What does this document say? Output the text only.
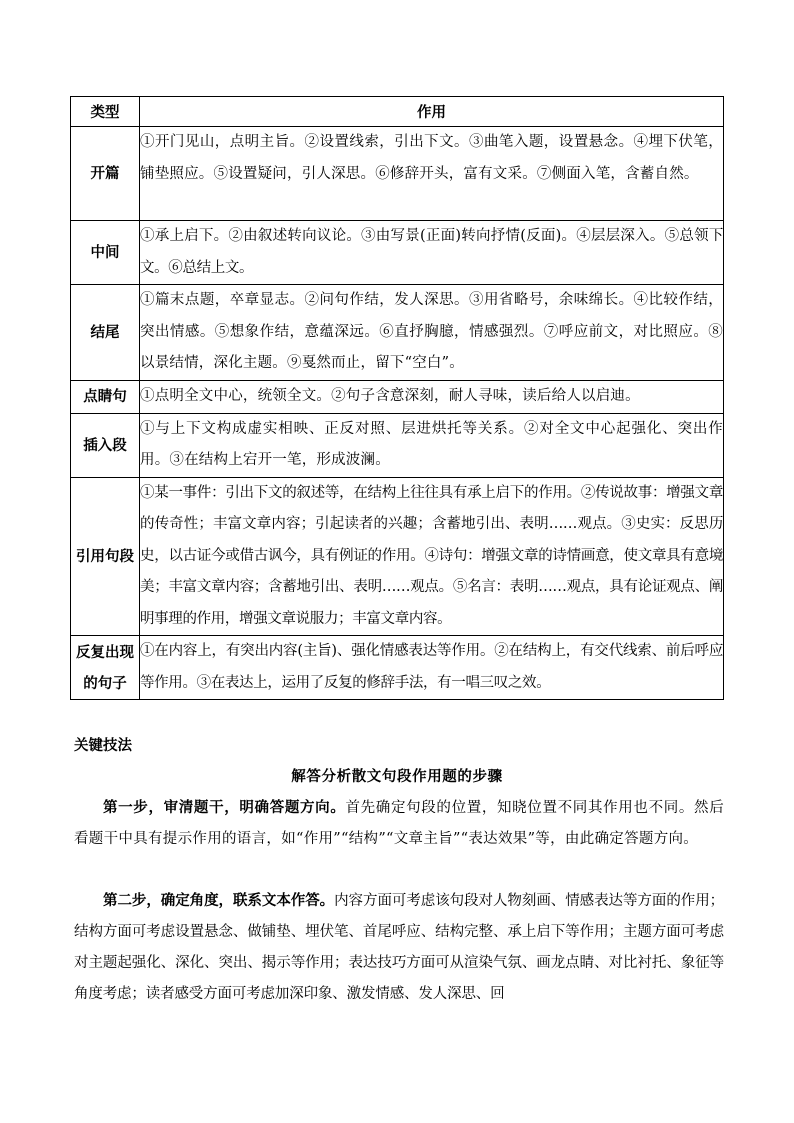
类型	作用
开篇	①开门见山，点明主旨。②设置线索，引出下文。③曲笔入题，设置悬念。④埋下伏笔，铺垫照应。⑤设置疑问，引人深思。⑥修辞开头，富有文采。⑦侧面入笔，含蓄自然。
中间	①承上启下。②由叙述转向议论。③由写景(正面)转向抒情(反面)。④层层深入。⑤总领下文。⑥总结上文。
结尾	①篇末点题，卒章显志。②问句作结，发人深思。③用省略号，余味绵长。④比较作结，突出情感。⑤想象作结，意蕴深远。⑥直抒胸臆，情感强烈。⑦呼应前文，对比照应。⑧以景结情，深化主题。⑨戛然而止，留下“空白”。
点睛句	①点明全文中心，统领全文。②句子含意深刻，耐人寻味，读后给人以启迪。
插入段	①与上下文构成虚实相映、正反对照、层进烘托等关系。②对全文中心起强化、突出作用。③在结构上宕开一笔，形成波澜。
引用句段	①某一事件：引出下文的叙述等，在结构上往往具有承上启下的作用。②传说故事：增强文章的传奇性；丰富文章内容；引起读者的兴趣；含蓄地引出、表明……观点。③史实：反思历史，以古证今或借古讽今，具有例证的作用。④诗句：增强文章的诗情画意，使文章具有意境美；丰富文章内容；含蓄地引出、表明……观点。⑤名言：表明……观点，具有论证观点、阐明事理的作用，增强文章说服力；丰富文章内容。
反复出现的句子	①在内容上，有突出内容(主旨)、强化情感表达等作用。②在结构上，有交代线索、前后呼应等作用。③在表达上，运用了反复的修辞手法，有一唱三叹之效。
关键技法
解答分析散文句段作用题的步骤

第一步，审清题干，明确答题方向。首先确定句段的位置，知晓位置不同其作用也不同。然后看题干中具有提示作用的语言，如“作用”“结构”“文章主旨”“表达效果”等，由此确定答题方向。

第二步，确定角度，联系文本作答。内容方面可考虑该句段对人物刻画、情感表达等方面的作用；结构方面可考虑设置悬念、做铺垫、埋伏笔、首尾呼应、结构完整、承上启下等作用；主题方面可考虑对主题起强化、深化、突出、揭示等作用；表达技巧方面可从渲染气氛、画龙点睛、对比衬托、象征等角度考虑；读者感受方面可考虑加深印象、激发情感、发人深思、回
